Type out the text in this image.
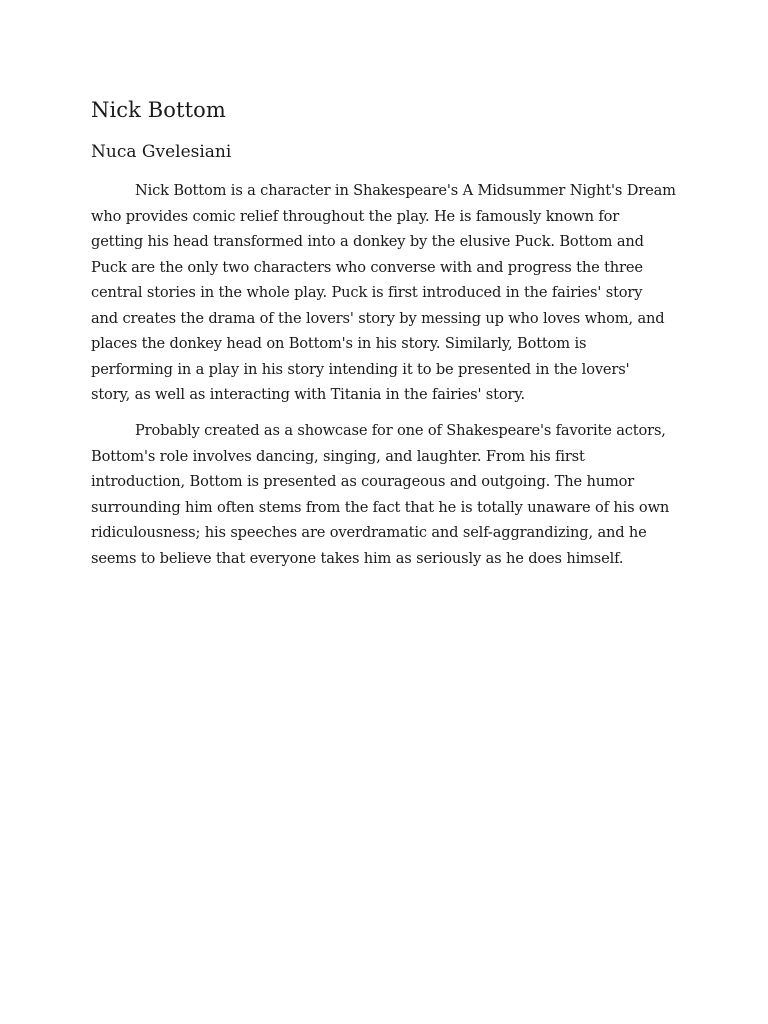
Nick Bottom
Nuca Gvelesiani

Nick Bottom is a character in Shakespeare's A Midsummer Night's Dream
who provides comic relief throughout the play. He is famously known for
getting his head transformed into a donkey by the elusive Puck. Bottom and
Puck are the only two characters who converse with and progress the three
central stories in the whole play. Puck is first introduced in the fairies' story
and creates the drama of the lovers' story by messing up who loves whom, and
places the donkey head on Bottom's in his story. Similarly, Bottom is
performing in a play in his story intending it to be presented in the lovers'
story, as well as interacting with Titania in the fairies' story.

Probably created as a showcase for one of Shakespeare's favorite actors,
Bottom's role involves dancing, singing, and laughter. From his first
introduction, Bottom is presented as courageous and outgoing. The humor
surrounding him often stems from the fact that he is totally unaware of his own
ridiculousness; his speeches are overdramatic and self-aggrandizing, and he
seems to believe that everyone takes him as seriously as he does himself.
